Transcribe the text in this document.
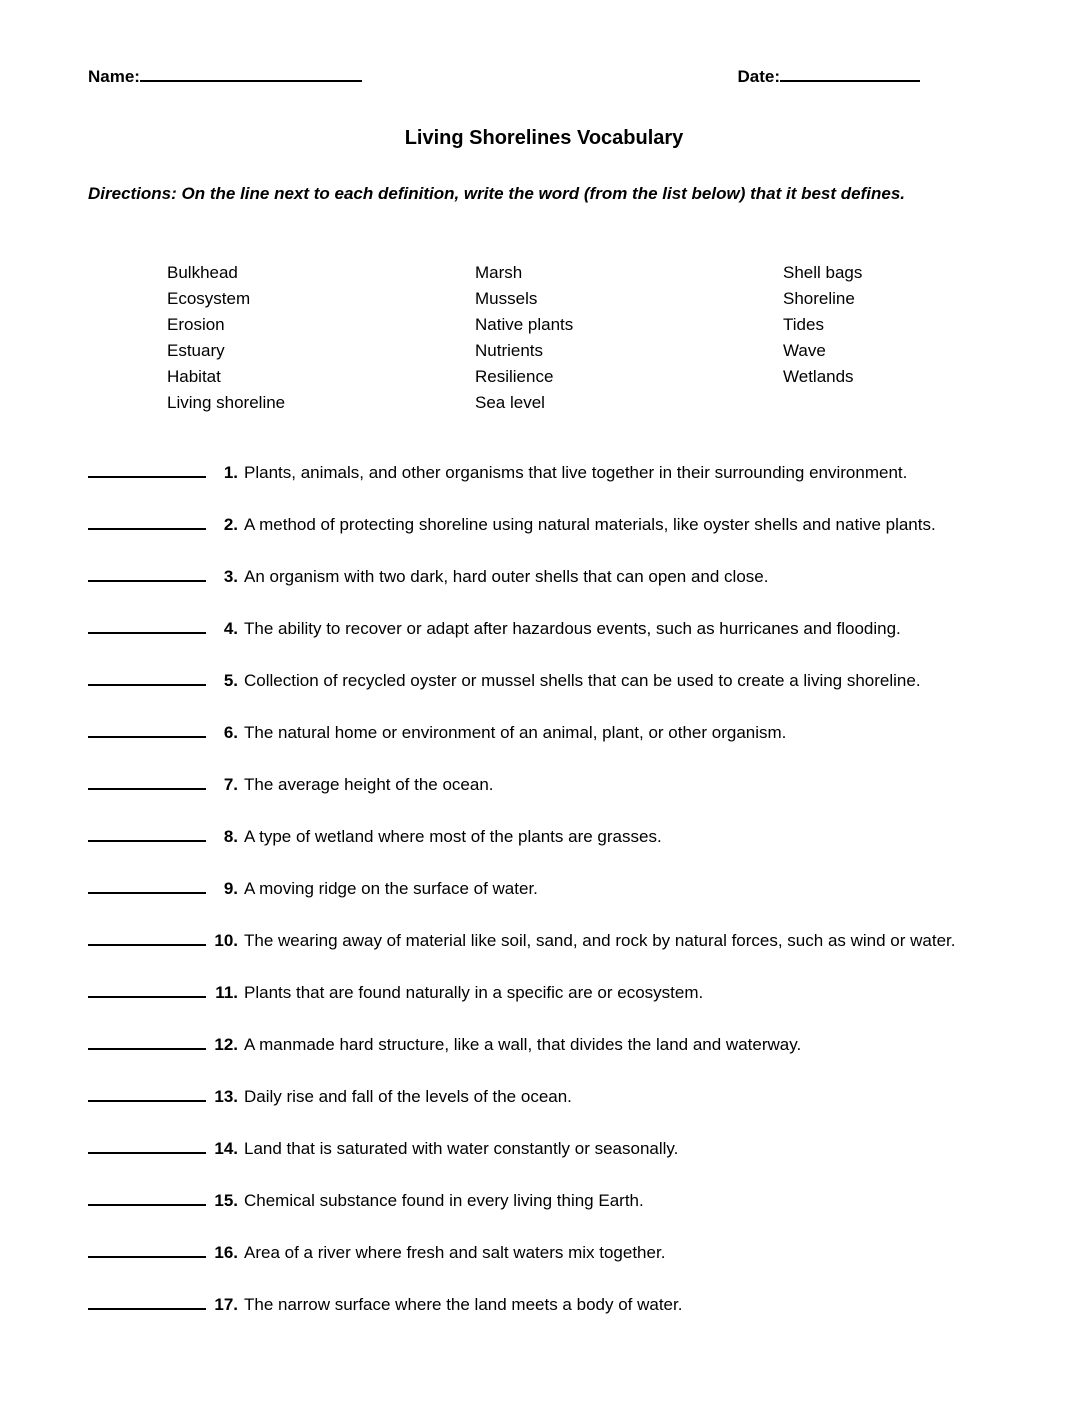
Name:	Date:
Living Shorelines Vocabulary
Directions: On the line next to each definition, write the word (from the list below) that it best defines.
Bulkhead
Ecosystem
Erosion
Estuary
Habitat
Living shoreline
Marsh
Mussels
Native plants
Nutrients
Resilience
Sea level
Shell bags
Shoreline
Tides
Wave
Wetlands
1. Plants, animals, and other organisms that live together in their surrounding environment.
2. A method of protecting shoreline using natural materials, like oyster shells and native plants.
3. An organism with two dark, hard outer shells that can open and close.
4. The ability to recover or adapt after hazardous events, such as hurricanes and flooding.
5. Collection of recycled oyster or mussel shells that can be used to create a living shoreline.
6. The natural home or environment of an animal, plant, or other organism.
7. The average height of the ocean.
8. A type of wetland where most of the plants are grasses.
9. A moving ridge on the surface of water.
10. The wearing away of material like soil, sand, and rock by natural forces, such as wind or water.
11. Plants that are found naturally in a specific are or ecosystem.
12. A manmade hard structure, like a wall, that divides the land and waterway.
13. Daily rise and fall of the levels of the ocean.
14. Land that is saturated with water constantly or seasonally.
15. Chemical substance found in every living thing Earth.
16. Area of a river where fresh and salt waters mix together.
17. The narrow surface where the land meets a body of water.
